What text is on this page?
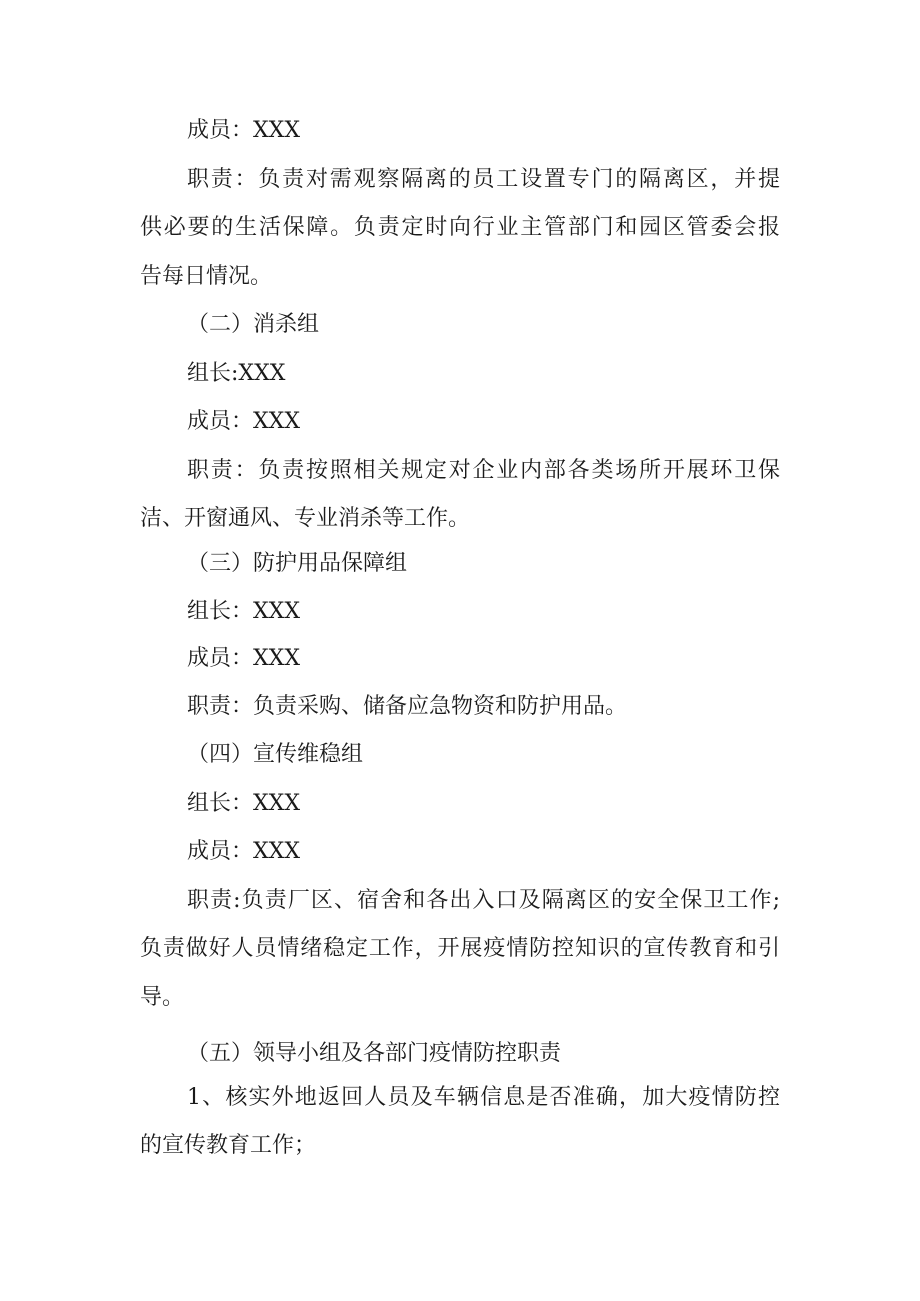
成员：XXX

职责：负责对需观察隔离的员工设置专门的隔离区，并提

供必要的生活保障。负责定时向行业主管部门和园区管委会报

告每日情况。

（二）消杀组

组长:XXX

成员：XXX

职责：负责按照相关规定对企业内部各类场所开展环卫保

洁、开窗通风、专业消杀等工作。

（三）防护用品保障组

组长：XXX

成员：XXX

职责：负责采购、储备应急物资和防护用品。

（四）宣传维稳组

组长：XXX

成员：XXX

职责:负责厂区、宿舍和各出入口及隔离区的安全保卫工作;

负责做好人员情绪稳定工作，开展疫情防控知识的宣传教育和引

导。

（五）领导小组及各部门疫情防控职责

1、核实外地返回人员及车辆信息是否准确，加大疫情防控

的宣传教育工作；
